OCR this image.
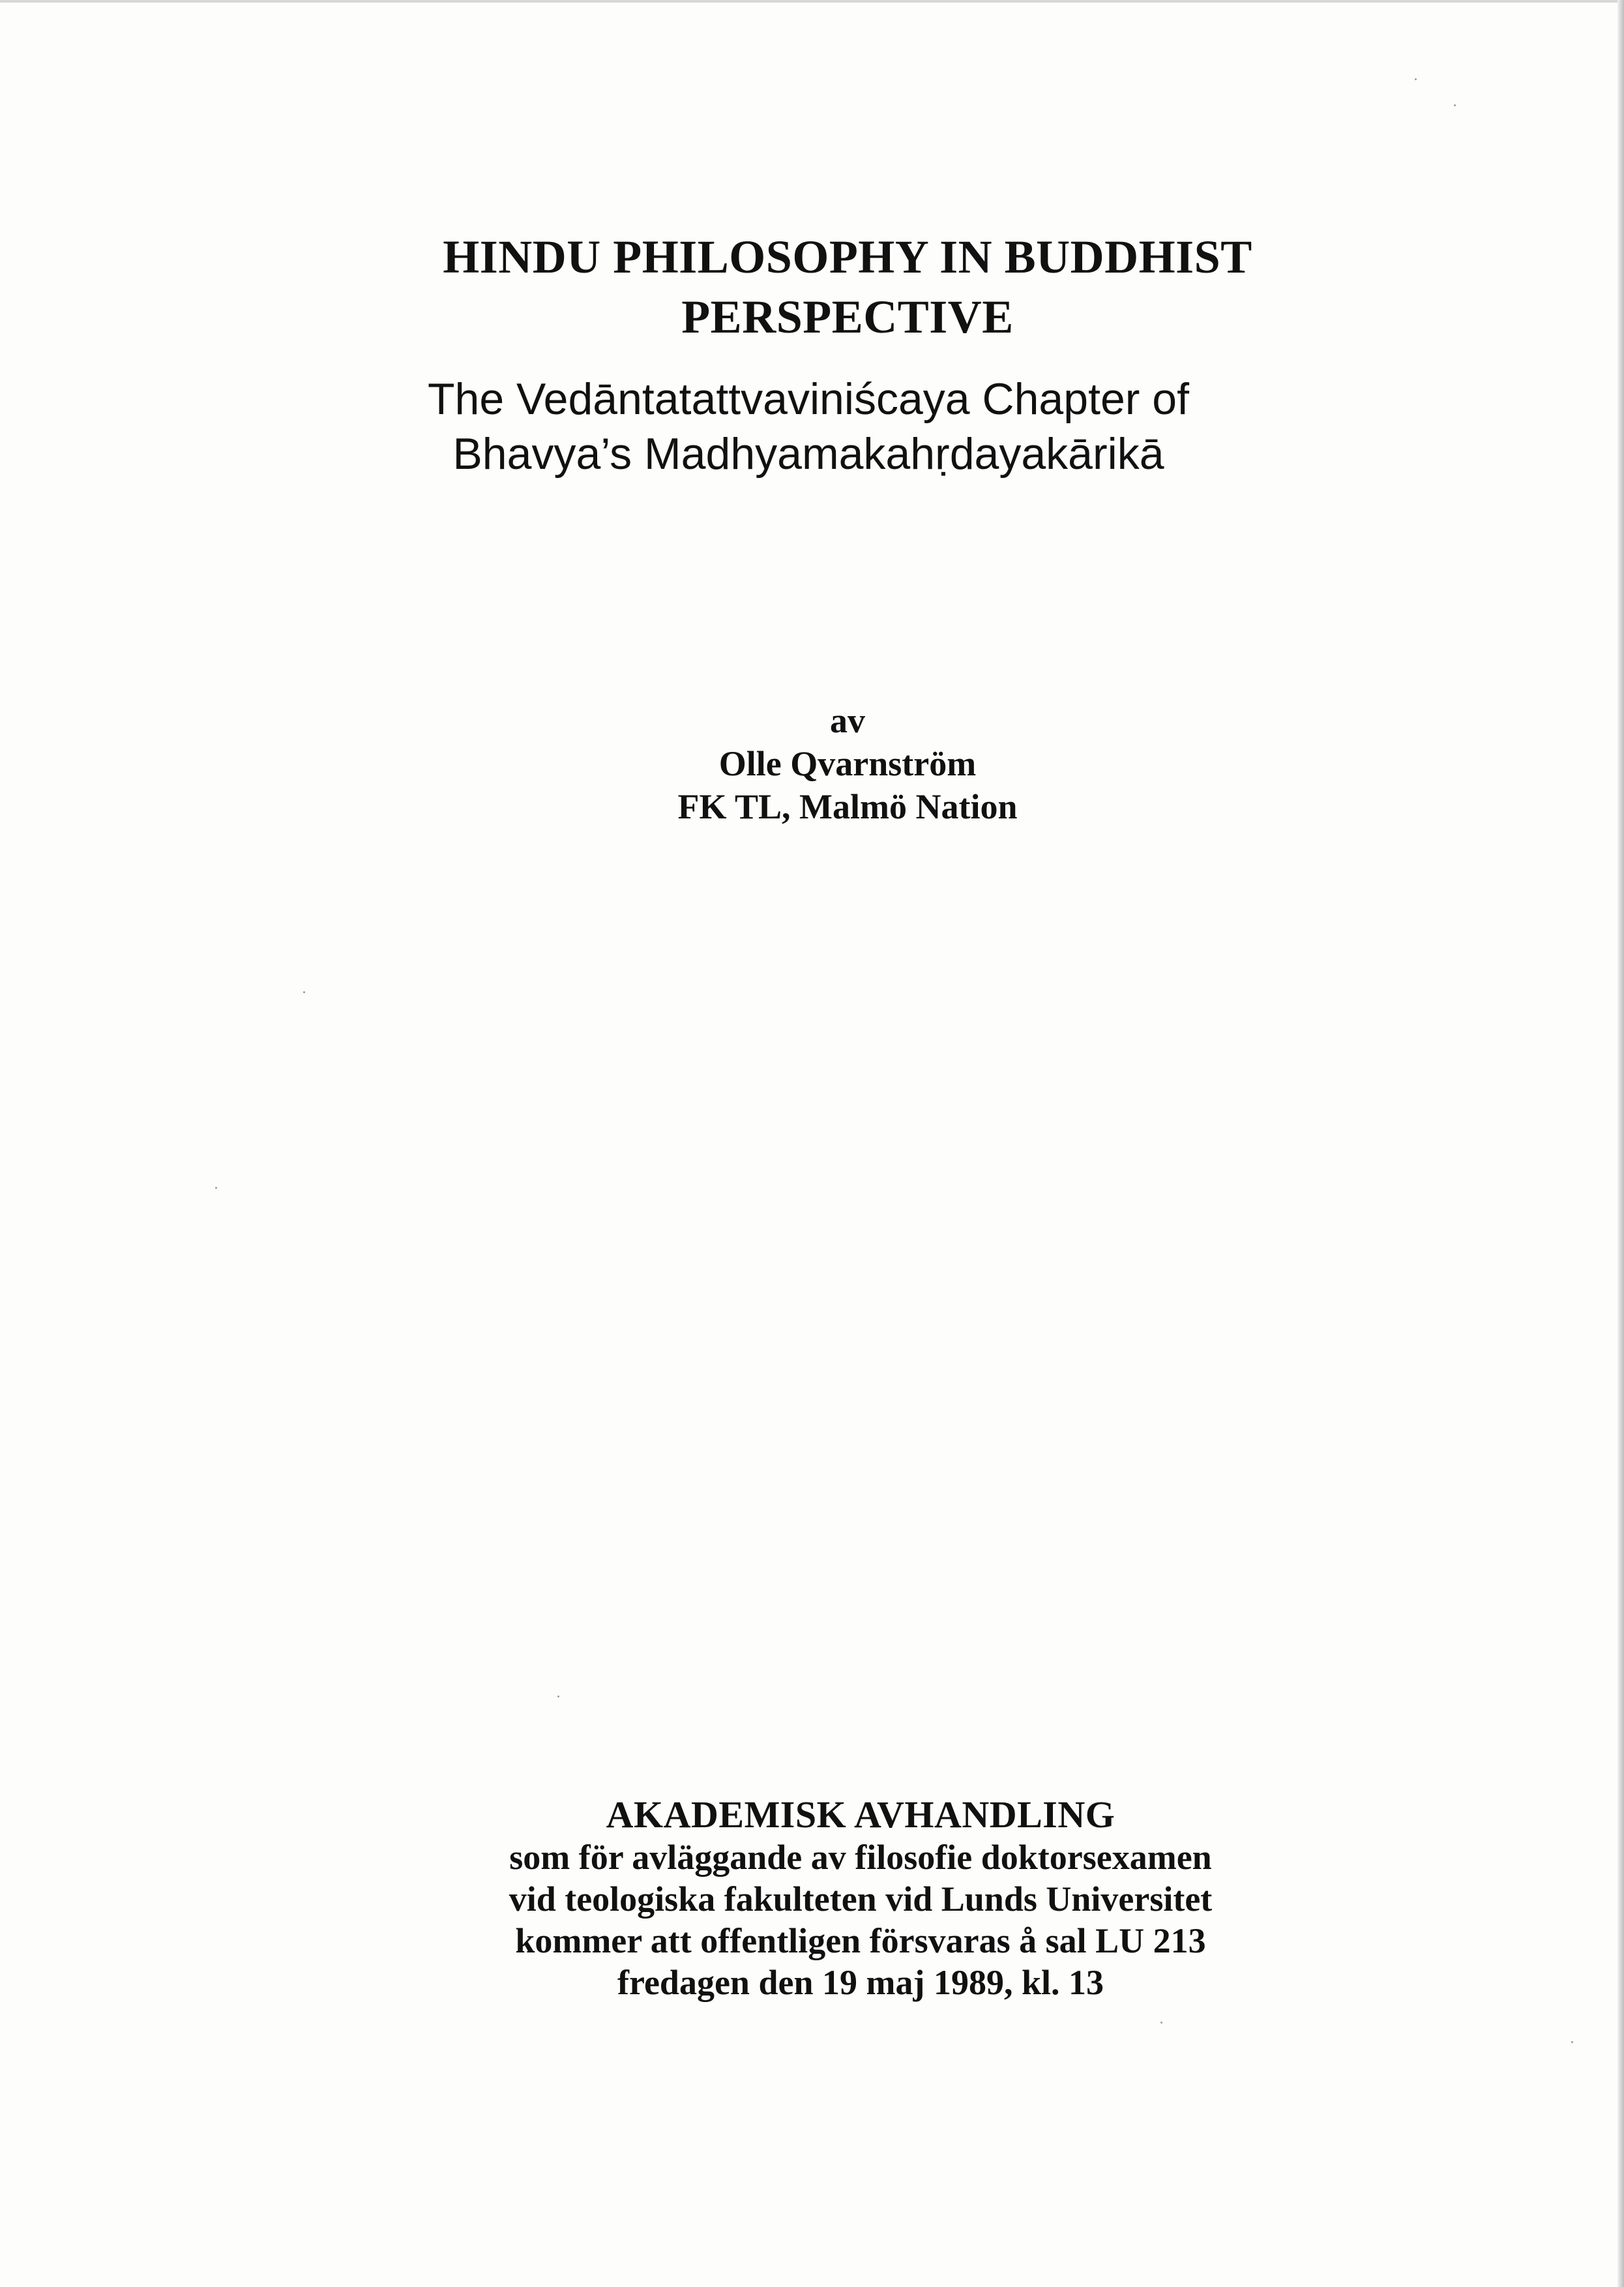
HINDU PHILOSOPHY IN BUDDHIST
PERSPECTIVE
The Vedāntatattvaviniścaya Chapter of
Bhavya’s Madhyamakahṛdayakārikā
av
Olle Qvarnström
FK TL, Malmö Nation
AKADEMISK AVHANDLING
som för avläggande av filosofie doktorsexamen
vid teologiska fakulteten vid Lunds Universitet
kommer att offentligen försvaras å sal LU 213
fredagen den 19 maj 1989, kl. 13
